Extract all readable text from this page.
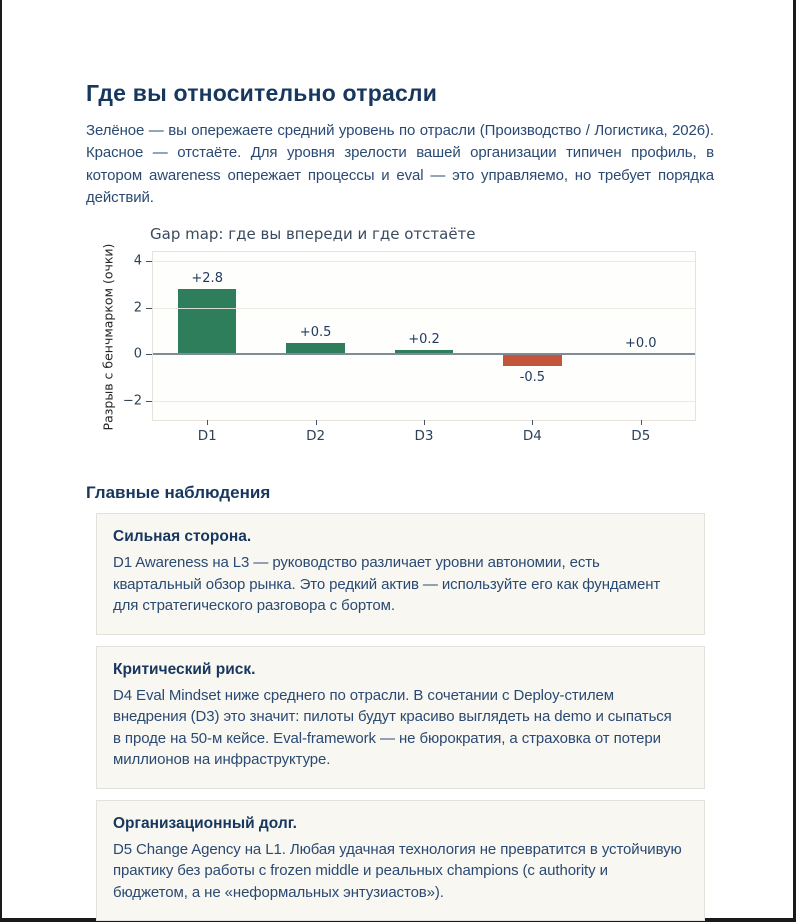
Где вы относительно отрасли

Зелёное — вы опережаете средний уровень по отрасли (Производство / Логистика, 2026). Красное — отстаёте. Для уровня зрелости вашей организации типичен профиль, в котором awareness опережает процессы и eval — это управляемо, но требует порядка действий.

Gap map: где вы впереди и где отстаёте
Разрыв с бенчмарком (очки)	+2.8
D1
+0.5
D2
+0.2
D3
-0.5
D4
+0.0
D5
4
2
0
−2
Главные наблюдения
Сильная сторона.
D1 Awareness на L3 — руководство различает уровни автономии, есть квартальный обзор рынка. Это редкий актив — используйте его как фундамент для стратегического разговора с бортом.
Критический риск.
D4 Eval Mindset ниже среднего по отрасли. В сочетании с Deploy-стилем внедрения (D3) это значит: пилоты будут красиво выглядеть на demo и сыпаться в проде на 50-м кейсе. Eval-framework — не бюрократия, а страховка от потери миллионов на инфраструктуре.
Организационный долг.
D5 Change Agency на L1. Любая удачная технология не превратится в устойчивую практику без работы с frozen middle и реальных champions (с authority и бюджетом, а не «неформальных энтузиастов»).
